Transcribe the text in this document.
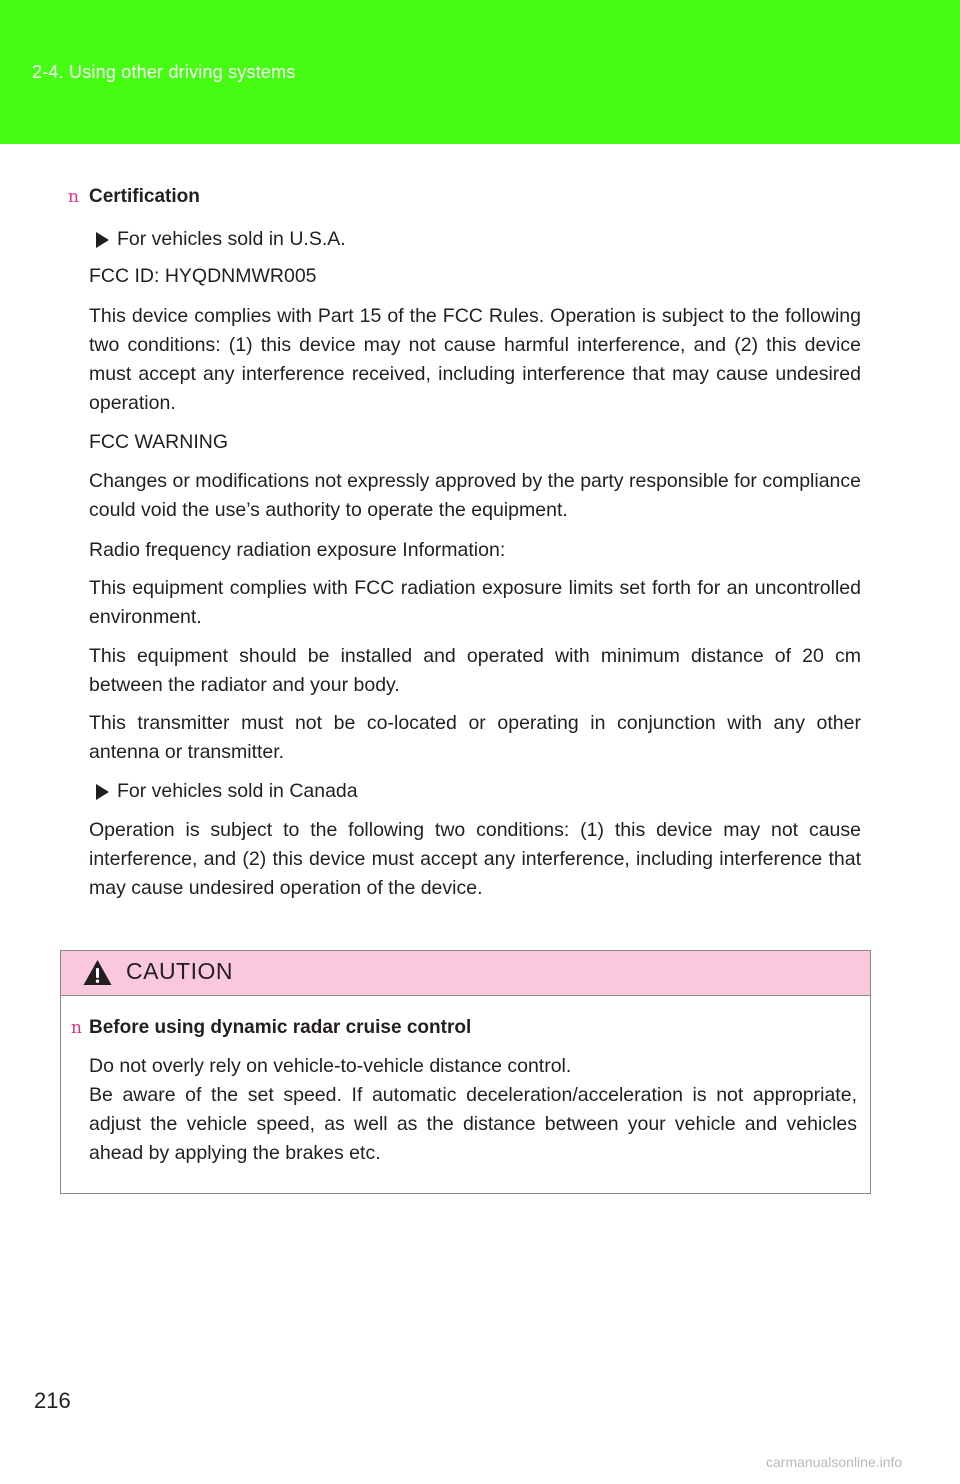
2-4. Using other driving systems
n Certification
For vehicles sold in U.S.A.

FCC ID: HYQDNMWR005

This device complies with Part 15 of the FCC Rules. Operation is subject to the following two conditions: (1) this device may not cause harmful interference, and (2) this device must accept any interference received, including interference that may cause undesired operation.

FCC WARNING

Changes or modifications not expressly approved by the party responsible for compliance could void the use’s authority to operate the equipment.

Radio frequency radiation exposure Information:

This equipment complies with FCC radiation exposure limits set forth for an uncontrolled environment.

This equipment should be installed and operated with minimum distance of 20 cm between the radiator and your body.

This transmitter must not be co-located or operating in conjunction with any other antenna or transmitter.

For vehicles sold in Canada

Operation is subject to the following two conditions: (1) this device may not cause interference, and (2) this device must accept any interference, including interference that may cause undesired operation of the device.

CAUTION
n Before using dynamic radar cruise control

Do not overly rely on vehicle-to-vehicle distance control.

Be aware of the set speed. If automatic deceleration/acceleration is not appropriate, adjust the vehicle speed, as well as the distance between your vehicle and vehicles ahead by applying the brakes etc.

216
carmanualsonline.info
